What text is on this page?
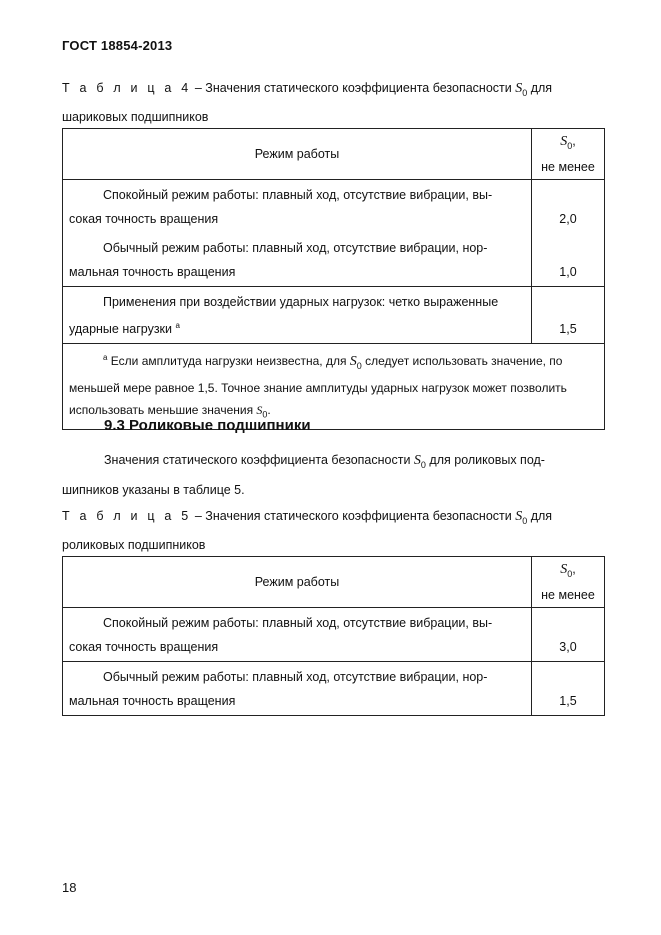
ГОСТ 18854-2013
Т а б л и ц а 4 – Значения статического коэффициента безопасности $S_0$ для
шариковых подшипников
Режим работы	$S_0$,
не менее
Спокойный режим работы: плавный ход, отсутствие вибрации, вы-
сокая точность вращения	2,0
Обычный режим работы: плавный ход, отсутствие вибрации, нор-
мальная точность вращения	1,0
Применения при воздействии ударных нагрузок: четко выраженные
ударные нагрузки $^а$	1,5
$^а$ Если амплитуда нагрузки неизвестна, для $S_0$ следует использовать значение, по
меньшей мере равное 1,5. Точное знание амплитуды ударных нагрузок может позволить
использовать меньшие значения $S_0$.	
9.3 Роликовые подшипники
Значения статического коэффициента безопасности $S_0$ для роликовых под-
шипников указаны в таблице 5.
Т а б л и ц а 5 – Значения статического коэффициента безопасности $S_0$ для
роликовых подшипников
Режим работы	$S_0$,
не менее
Спокойный режим работы: плавный ход, отсутствие вибрации, вы-
сокая точность вращения	3,0
Обычный режим работы: плавный ход, отсутствие вибрации, нор-
мальная точность вращения	1,5
18
